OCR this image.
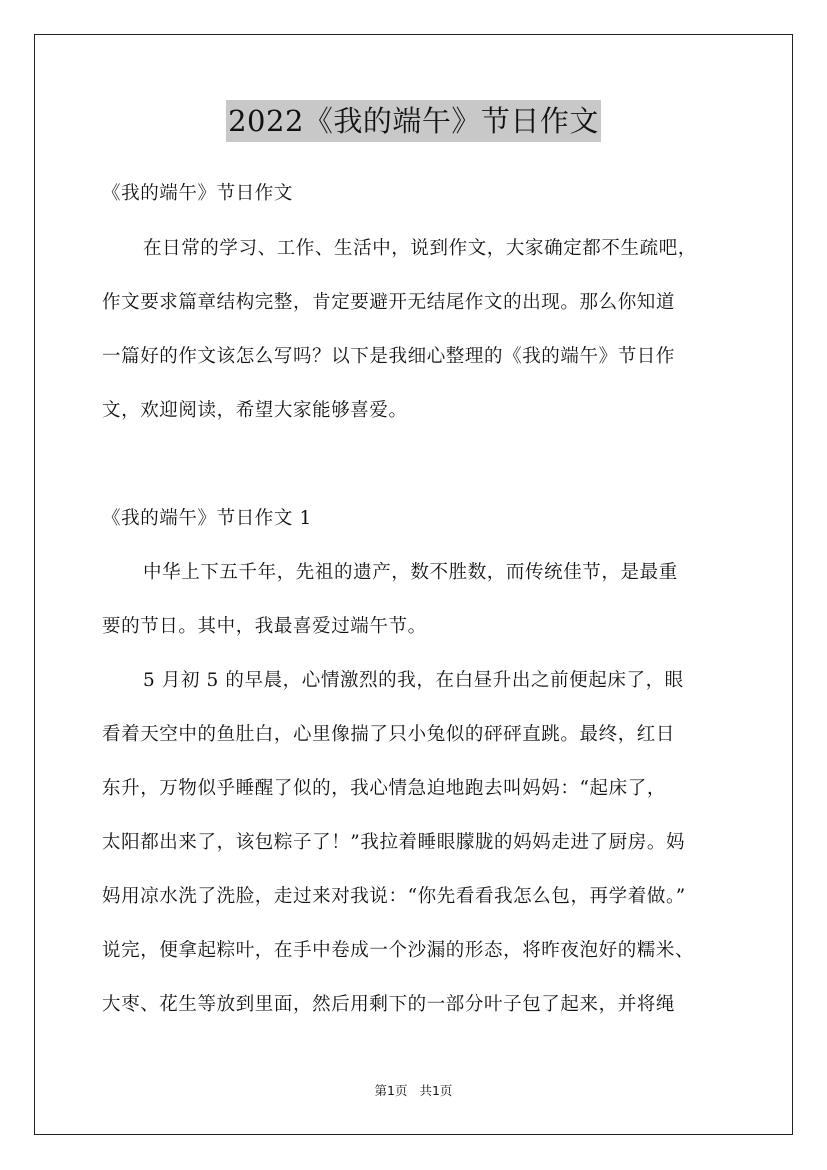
2022《我的端午》节日作文
《我的端午》节日作文
在日常的学习、工作、生活中，说到作文，大家确定都不生疏吧，
作文要求篇章结构完整，肯定要避开无结尾作文的出现。那么你知道
一篇好的作文该怎么写吗？以下是我细心整理的《我的端午》节日作
文，欢迎阅读，希望大家能够喜爱。
《我的端午》节日作文 1
中华上下五千年，先祖的遗产，数不胜数，而传统佳节，是最重
要的节日。其中，我最喜爱过端午节。
5 月初 5 的早晨，心情激烈的我，在白昼升出之前便起床了，眼
看着天空中的鱼肚白，心里像揣了只小兔似的砰砰直跳。最终，红日
东升，万物似乎睡醒了似的，我心情急迫地跑去叫妈妈：“起床了，
太阳都出来了，该包粽子了！”我拉着睡眼朦胧的妈妈走进了厨房。妈
妈用凉水洗了洗脸，走过来对我说：“你先看看我怎么包，再学着做。”
说完，便拿起粽叶，在手中卷成一个沙漏的形态，将昨夜泡好的糯米、
大枣、花生等放到里面，然后用剩下的一部分叶子包了起来，并将绳
第1页 共1页
